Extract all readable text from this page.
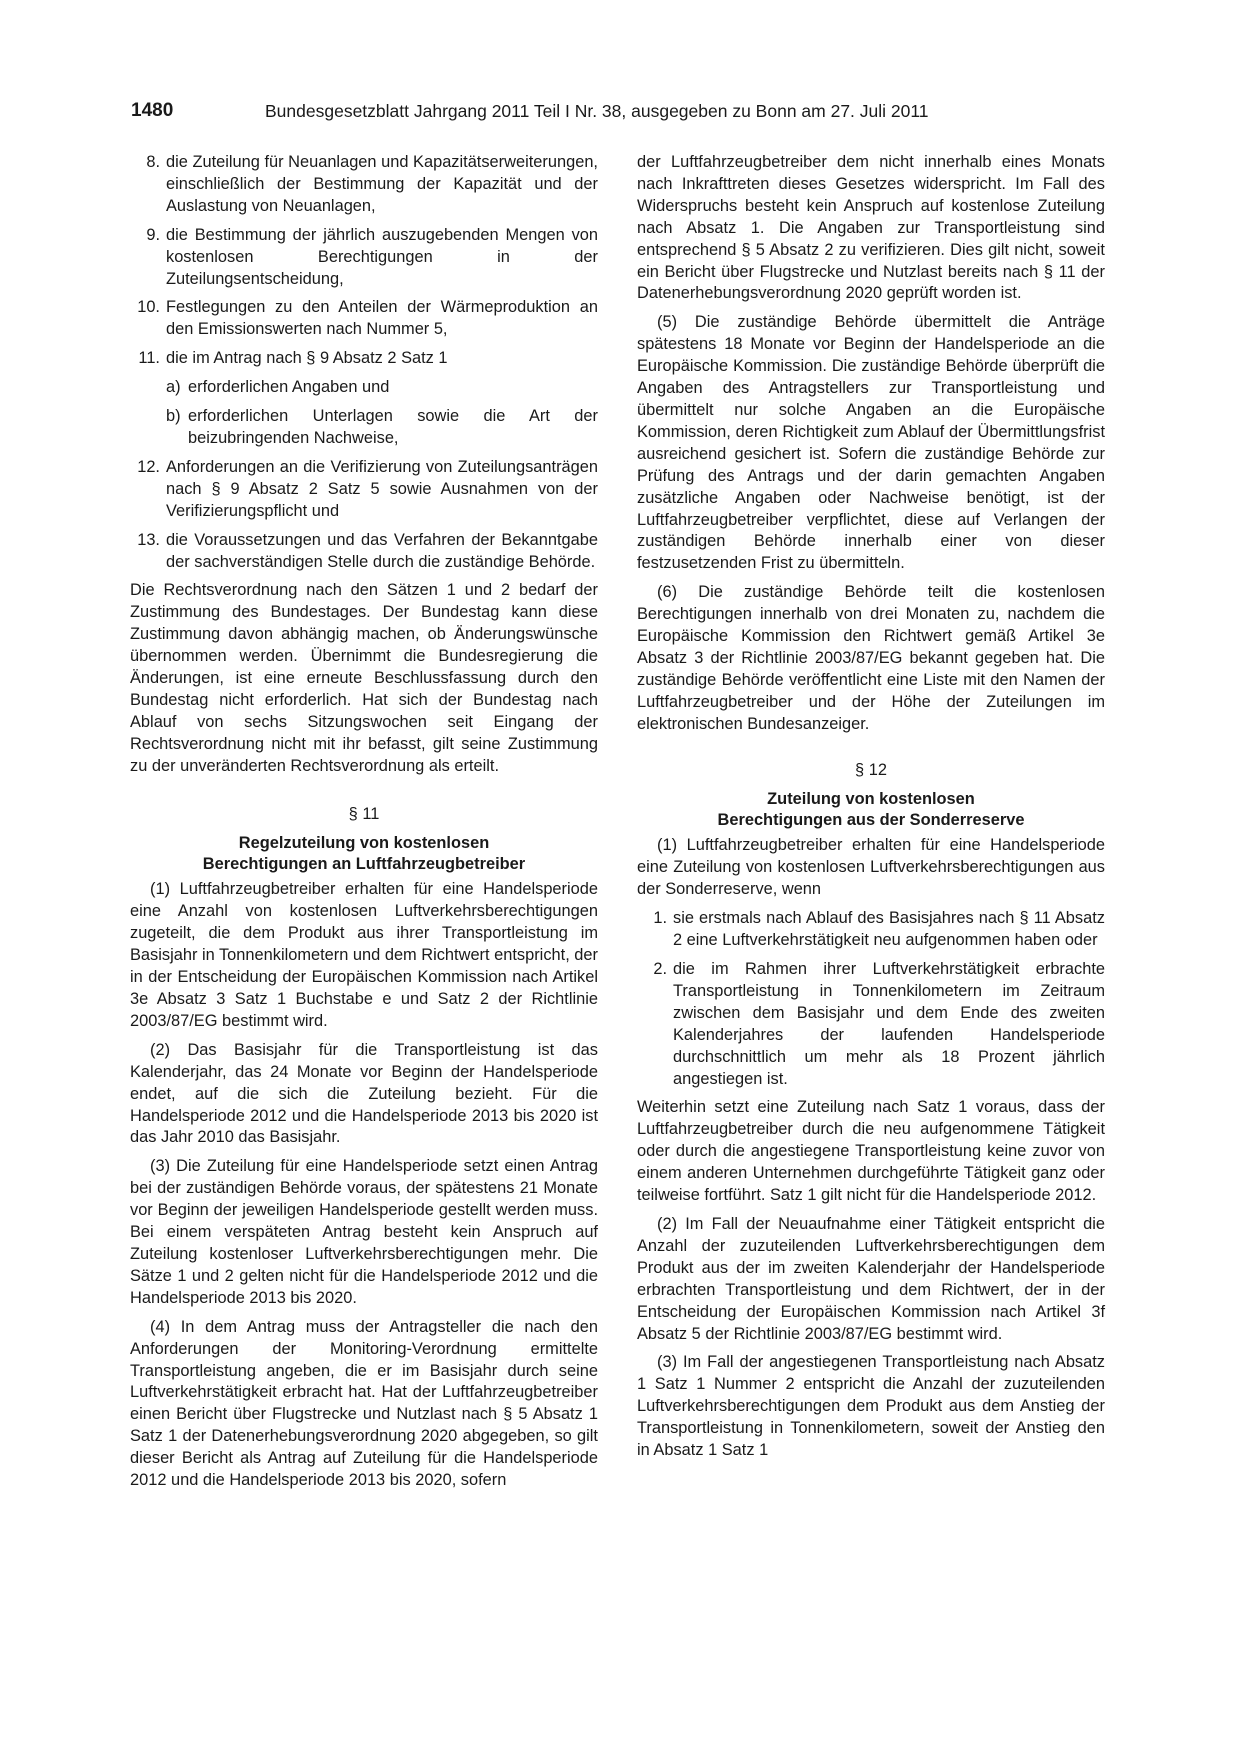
1480	Bundesgesetzblatt Jahrgang 2011 Teil I Nr. 38, ausgegeben zu Bonn am 27. Juli 2011
8. die Zuteilung für Neuanlagen und Kapazitätserweiterungen, einschließlich der Bestimmung der Kapazität und der Auslastung von Neuanlagen,
9. die Bestimmung der jährlich auszugebenden Mengen von kostenlosen Berechtigungen in der Zuteilungsentscheidung,
10. Festlegungen zu den Anteilen der Wärmeproduktion an den Emissionswerten nach Nummer 5,
11. die im Antrag nach § 9 Absatz 2 Satz 1
a) erforderlichen Angaben und
b) erforderlichen Unterlagen sowie die Art der beizubringenden Nachweise,
12. Anforderungen an die Verifizierung von Zuteilungsanträgen nach § 9 Absatz 2 Satz 5 sowie Ausnahmen von der Verifizierungspflicht und
13. die Voraussetzungen und das Verfahren der Bekanntgabe der sachverständigen Stelle durch die zuständige Behörde.

Die Rechtsverordnung nach den Sätzen 1 und 2 bedarf der Zustimmung des Bundestages. Der Bundestag kann diese Zustimmung davon abhängig machen, ob Änderungswünsche übernommen werden. Übernimmt die Bundesregierung die Änderungen, ist eine erneute Beschlussfassung durch den Bundestag nicht erforderlich. Hat sich der Bundestag nach Ablauf von sechs Sitzungswochen seit Eingang der Rechtsverordnung nicht mit ihr befasst, gilt seine Zustimmung zu der unveränderten Rechtsverordnung als erteilt.

§ 11
Regelzuteilung von kostenlosen
Berechtigungen an Luftfahrzeugbetreiber

(1) Luftfahrzeugbetreiber erhalten für eine Handelsperiode eine Anzahl von kostenlosen Luftverkehrsberechtigungen zugeteilt, die dem Produkt aus ihrer Transportleistung im Basisjahr in Tonnenkilometern und dem Richtwert entspricht, der in der Entscheidung der Europäischen Kommission nach Artikel 3e Absatz 3 Satz 1 Buchstabe e und Satz 2 der Richtlinie 2003/87/EG bestimmt wird.

(2) Das Basisjahr für die Transportleistung ist das Kalenderjahr, das 24 Monate vor Beginn der Handelsperiode endet, auf die sich die Zuteilung bezieht. Für die Handelsperiode 2012 und die Handelsperiode 2013 bis 2020 ist das Jahr 2010 das Basisjahr.

(3) Die Zuteilung für eine Handelsperiode setzt einen Antrag bei der zuständigen Behörde voraus, der spätestens 21 Monate vor Beginn der jeweiligen Handelsperiode gestellt werden muss. Bei einem verspäteten Antrag besteht kein Anspruch auf Zuteilung kostenloser Luftverkehrsberechtigungen mehr. Die Sätze 1 und 2 gelten nicht für die Handelsperiode 2012 und die Handelsperiode 2013 bis 2020.

(4) In dem Antrag muss der Antragsteller die nach den Anforderungen der Monitoring-Verordnung ermittelte Transportleistung angeben, die er im Basisjahr durch seine Luftverkehrstätigkeit erbracht hat. Hat der Luftfahrzeugbetreiber einen Bericht über Flugstrecke und Nutzlast nach § 5 Absatz 1 Satz 1 der Datenerhebungsverordnung 2020 abgegeben, so gilt dieser Bericht als Antrag auf Zuteilung für die Handelsperiode 2012 und die Handelsperiode 2013 bis 2020, sofern

der Luftfahrzeugbetreiber dem nicht innerhalb eines Monats nach Inkrafttreten dieses Gesetzes widerspricht. Im Fall des Widerspruchs besteht kein Anspruch auf kostenlose Zuteilung nach Absatz 1. Die Angaben zur Transportleistung sind entsprechend § 5 Absatz 2 zu verifizieren. Dies gilt nicht, soweit ein Bericht über Flugstrecke und Nutzlast bereits nach § 11 der Datenerhebungsverordnung 2020 geprüft worden ist.

(5) Die zuständige Behörde übermittelt die Anträge spätestens 18 Monate vor Beginn der Handelsperiode an die Europäische Kommission. Die zuständige Behörde überprüft die Angaben des Antragstellers zur Transportleistung und übermittelt nur solche Angaben an die Europäische Kommission, deren Richtigkeit zum Ablauf der Übermittlungsfrist ausreichend gesichert ist. Sofern die zuständige Behörde zur Prüfung des Antrags und der darin gemachten Angaben zusätzliche Angaben oder Nachweise benötigt, ist der Luftfahrzeugbetreiber verpflichtet, diese auf Verlangen der zuständigen Behörde innerhalb einer von dieser festzusetzenden Frist zu übermitteln.

(6) Die zuständige Behörde teilt die kostenlosen Berechtigungen innerhalb von drei Monaten zu, nachdem die Europäische Kommission den Richtwert gemäß Artikel 3e Absatz 3 der Richtlinie 2003/87/EG bekannt gegeben hat. Die zuständige Behörde veröffentlicht eine Liste mit den Namen der Luftfahrzeugbetreiber und der Höhe der Zuteilungen im elektronischen Bundesanzeiger.

§ 12
Zuteilung von kostenlosen
Berechtigungen aus der Sonderreserve

(1) Luftfahrzeugbetreiber erhalten für eine Handelsperiode eine Zuteilung von kostenlosen Luftverkehrsberechtigungen aus der Sonderreserve, wenn

1. sie erstmals nach Ablauf des Basisjahres nach § 11 Absatz 2 eine Luftverkehrstätigkeit neu aufgenommen haben oder
2. die im Rahmen ihrer Luftverkehrstätigkeit erbrachte Transportleistung in Tonnenkilometern im Zeitraum zwischen dem Basisjahr und dem Ende des zweiten Kalenderjahres der laufenden Handelsperiode durchschnittlich um mehr als 18 Prozent jährlich angestiegen ist.

Weiterhin setzt eine Zuteilung nach Satz 1 voraus, dass der Luftfahrzeugbetreiber durch die neu aufgenommene Tätigkeit oder durch die angestiegene Transportleistung keine zuvor von einem anderen Unternehmen durchgeführte Tätigkeit ganz oder teilweise fortführt. Satz 1 gilt nicht für die Handelsperiode 2012.

(2) Im Fall der Neuaufnahme einer Tätigkeit entspricht die Anzahl der zuzuteilenden Luftverkehrsberechtigungen dem Produkt aus der im zweiten Kalenderjahr der Handelsperiode erbrachten Transportleistung und dem Richtwert, der in der Entscheidung der Europäischen Kommission nach Artikel 3f Absatz 5 der Richtlinie 2003/87/EG bestimmt wird.

(3) Im Fall der angestiegenen Transportleistung nach Absatz 1 Satz 1 Nummer 2 entspricht die Anzahl der zuzuteilenden Luftverkehrsberechtigungen dem Produkt aus dem Anstieg der Transportleistung in Tonnenkilometern, soweit der Anstieg den in Absatz 1 Satz 1
